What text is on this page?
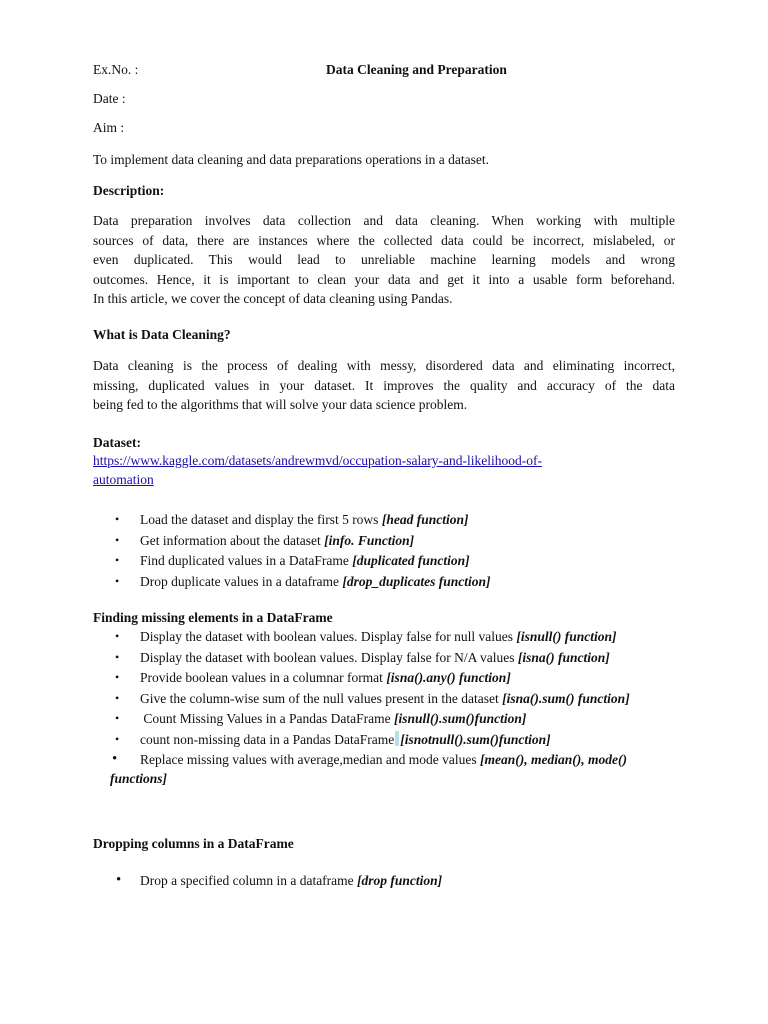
Ex.No. :	Data Cleaning and Preparation
Date :
Aim :
To implement data cleaning and data preparations operations in a dataset.
Description:
Data preparation involves data collection and data cleaning. When working with multiple
sources of data, there are instances where the collected data could be incorrect, mislabeled, or
even duplicated. This would lead to unreliable machine learning models and wrong
outcomes. Hence, it is important to clean your data and get it into a usable form beforehand.
In this article, we cover the concept of data cleaning using Pandas.
What is Data Cleaning?
Data cleaning is the process of dealing with messy, disordered data and eliminating incorrect,
missing, duplicated values in your dataset. It improves the quality and accuracy of the data
being fed to the algorithms that will solve your data science problem.
Dataset:
https://www.kaggle.com/datasets/andrewmvd/occupation-salary-and-likelihood-of-
automation
• Load the dataset and display the first 5 rows [head function]
• Get information about the dataset [info. Function]
• Find duplicated values in a DataFrame [duplicated function]
• Drop duplicate values in a dataframe [drop_duplicates function]
Finding missing elements in a DataFrame
• Display the dataset with boolean values. Display false for null values [isnull() function]
• Display the dataset with boolean values. Display false for N/A values [isna() function]
• Provide boolean values in a columnar format [isna().any() function]
• Give the column-wise sum of the null values present in the dataset [isna().sum() function]
• Count Missing Values in a Pandas DataFrame [isnull().sum()function]
• count non-missing data in a Pandas DataFrame [isnotnull().sum()function]
• Replace missing values with average,median and mode values [mean(), median(), mode()
functions]
Dropping columns in a DataFrame
• Drop a specified column in a dataframe [drop function]
